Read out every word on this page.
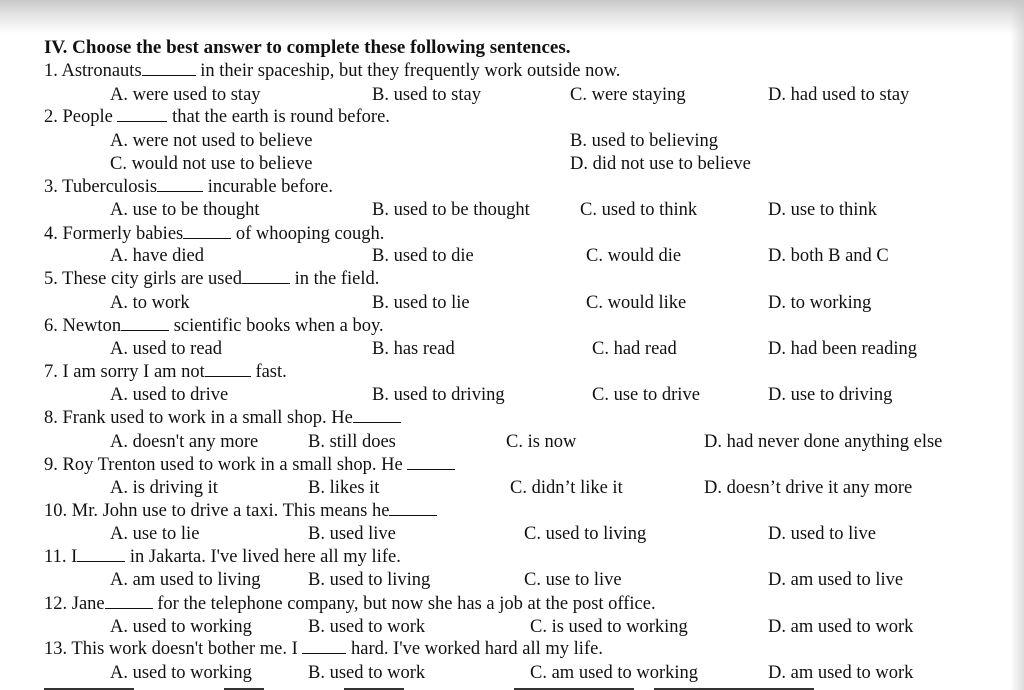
IV. Choose the best answer to complete these following sentences.
1. Astronauts	in their spaceship, but they frequently work outside now.
A. were used to stay	B. used to stay	C. were staying	D. had used to stay
2. People	that the earth is round before.
A. were not used to believe	B. used to believing
C. would not use to believe	D. did not use to believe
3. Tuberculosis	incurable before.
A. use to be thought	B. used to be thought	C. used to think	D. use to think
4. Formerly babies	of whooping cough.
A. have died	B. used to die	C. would die	D. both B and C
5. These city girls are used	in the field.
A. to work	B. used to lie	C. would like	D. to working
6. Newton	scientific books when a boy.
A. used to read	B. has read	C. had read	D. had been reading
7. I am sorry I am not	fast.
A. used to drive	B. used to driving	C. use to drive	D. use to driving
8. Frank used to work in a small shop. He
A. doesn't any more	B. still does	C. is now	D. had never done anything else
9. Roy Trenton used to work in a small shop. He
A. is driving it	B. likes it	C. didn’t like it	D. doesn’t drive it any more
10. Mr. John use to drive a taxi. This means he
A. use to lie	B. used live	C. used to living	D. used to live
11. I	in Jakarta. I've lived here all my life.
A. am used to living	B. used to living	C. use to live	D. am used to live
12. Jane	for the telephone company, but now she has a job at the post office.
A. used to working	B. used to work	C. is used to working	D. am used to work
13. This work doesn't bother me. I	hard. I've worked hard all my life.
A. used to working	B. used to work	C. am used to working	D. am used to work
